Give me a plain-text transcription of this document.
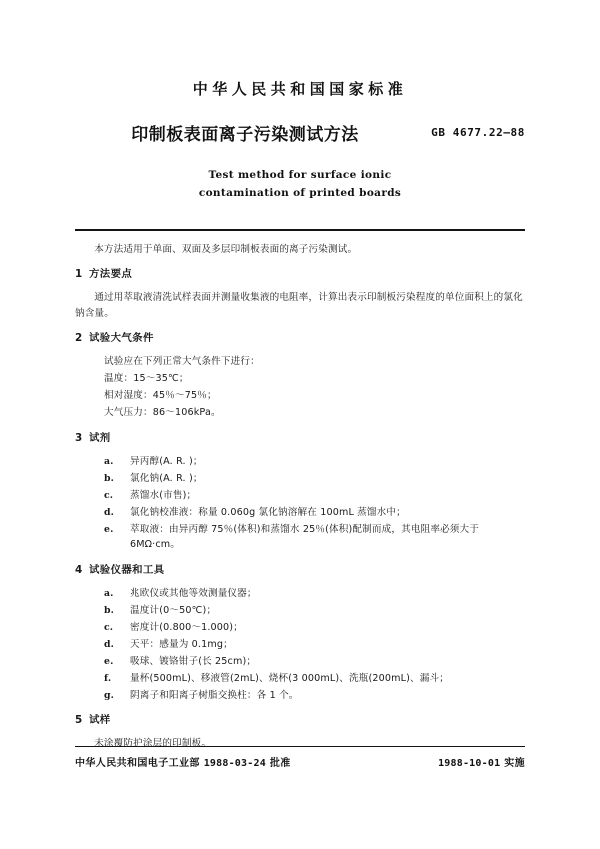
中华人民共和国国家标准
印制板表面离子污染测试方法	GB 4677.22—88
Test method for surface ionic
contamination of printed boards

本方法适用于单面、双面及多层印制板表面的离子污染测试。

1 方法要点

通过用萃取液清洗试样表面并测量收集液的电阻率，计算出表示印制板污染程度的单位面积上的氯化钠含量。

2 试验大气条件
试验应在下列正常大气条件下进行：
温度：15～35℃；
相对湿度：45％～75％；
大气压力：86～106kPa。
3 试剂
a. 异丙醇(A. R. )；
b. 氯化钠(A. R. )；
c. 蒸馏水(市售)；
d. 氯化钠校准液：称量 0.060g 氯化钠溶解在 100mL 蒸馏水中；
e. 萃取液：由异丙醇 75％(体积)和蒸馏水 25％(体积)配制而成，其电阻率必须大于 6MΩ·cm。
4 试验仪器和工具
a. 兆欧仪或其他等效测量仪器；
b. 温度计(0～50℃)；
c. 密度计(0.800～1.000)；
d. 天平：感量为 0.1mg；
e. 吸球、镀铬钳子(长 25cm)；
f. 量杯(500mL)、移液管(2mL)、烧杯(3 000mL)、洗瓶(200mL)、漏斗；
g. 阴离子和阳离子树脂交换柱：各 1 个。
5 试样

未涂覆防护涂层的印制板。

中华人民共和国电子工业部 1988-03-24 批准	1988-10-01 实施
